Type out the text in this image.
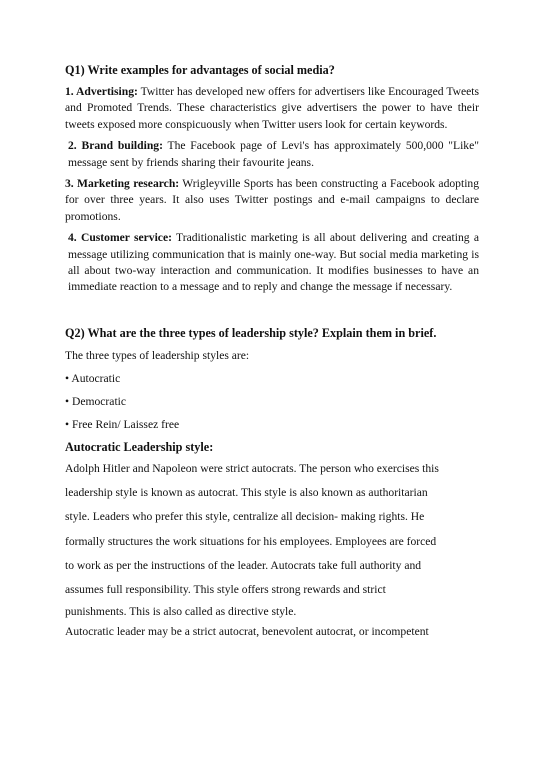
Q1) Write examples for advantages of social media?

1. Advertising: Twitter has developed new offers for advertisers like Encouraged Tweets and Promoted Trends. These characteristics give advertisers the power to have their tweets exposed more conspicuously when Twitter users look for certain keywords.

2. Brand building: The Facebook page of Levi's has approximately 500,000 "Like" message sent by friends sharing their favourite jeans.

3. Marketing research: Wrigleyville Sports has been constructing a Facebook adopting for over three years. It also uses Twitter postings and e-mail campaigns to declare promotions.

4. Customer service: Traditionalistic marketing is all about delivering and creating a message utilizing communication that is mainly one-way. But social media marketing is all about two-way interaction and communication. It modifies businesses to have an immediate reaction to a message and to reply and change the message if necessary.

Q2) What are the three types of leadership style? Explain them in brief.

The three types of leadership styles are:

• Autocratic

• Democratic

• Free Rein/ Laissez free

Autocratic Leadership style:

Adolph Hitler and Napoleon were strict autocrats. The person who exercises this

leadership style is known as autocrat. This style is also known as authoritarian

style. Leaders who prefer this style, centralize all decision- making rights. He

formally structures the work situations for his employees. Employees are forced

to work as per the instructions of the leader. Autocrats take full authority and

assumes full responsibility. This style offers strong rewards and strict

punishments. This is also called as directive style.

Autocratic leader may be a strict autocrat, benevolent autocrat, or incompetent
